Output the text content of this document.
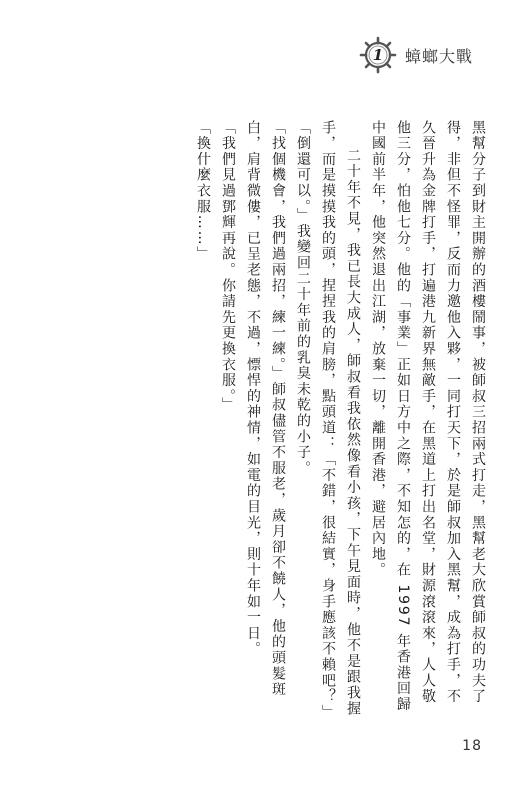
1	蟑螂大戰

黑幫分子到財主開辦的酒樓鬧事，被師叔三招兩式打走，黑幫老大欣賞師叔的功夫了得，非但不怪罪，反而力邀他入夥，一同打天下，於是師叔加入黑幫，成為打手，不久晉升為金牌打手，打遍港九新界無敵手，在黑道上打出名堂，財源滾滾來，人人敬他三分，怕他七分。他的「事業」正如日方中之際，不知怎的，在 1997 年香港回歸中國前半年，他突然退出江湖，放棄一切，離開香港，避居內地。

二十年不見，我已長大成人，師叔看我依然像看小孩，下午見面時，他不是跟我握手，而是摸摸我的頭，捏捏我的肩膀，點頭道：「不錯，很結實，身手應該不賴吧？」

「倒還可以。」我變回二十年前的乳臭未乾的小子。

「找個機會，我們過兩招，練一練。」師叔儘管不服老，歲月卻不饒人，他的頭髮斑白，肩背微僂，已呈老態，不過，慓悍的神情，如電的目光，則十年如一日。

「我們見過鄧輝再說。你請先更換衣服。」

「換什麼衣服……」

18
